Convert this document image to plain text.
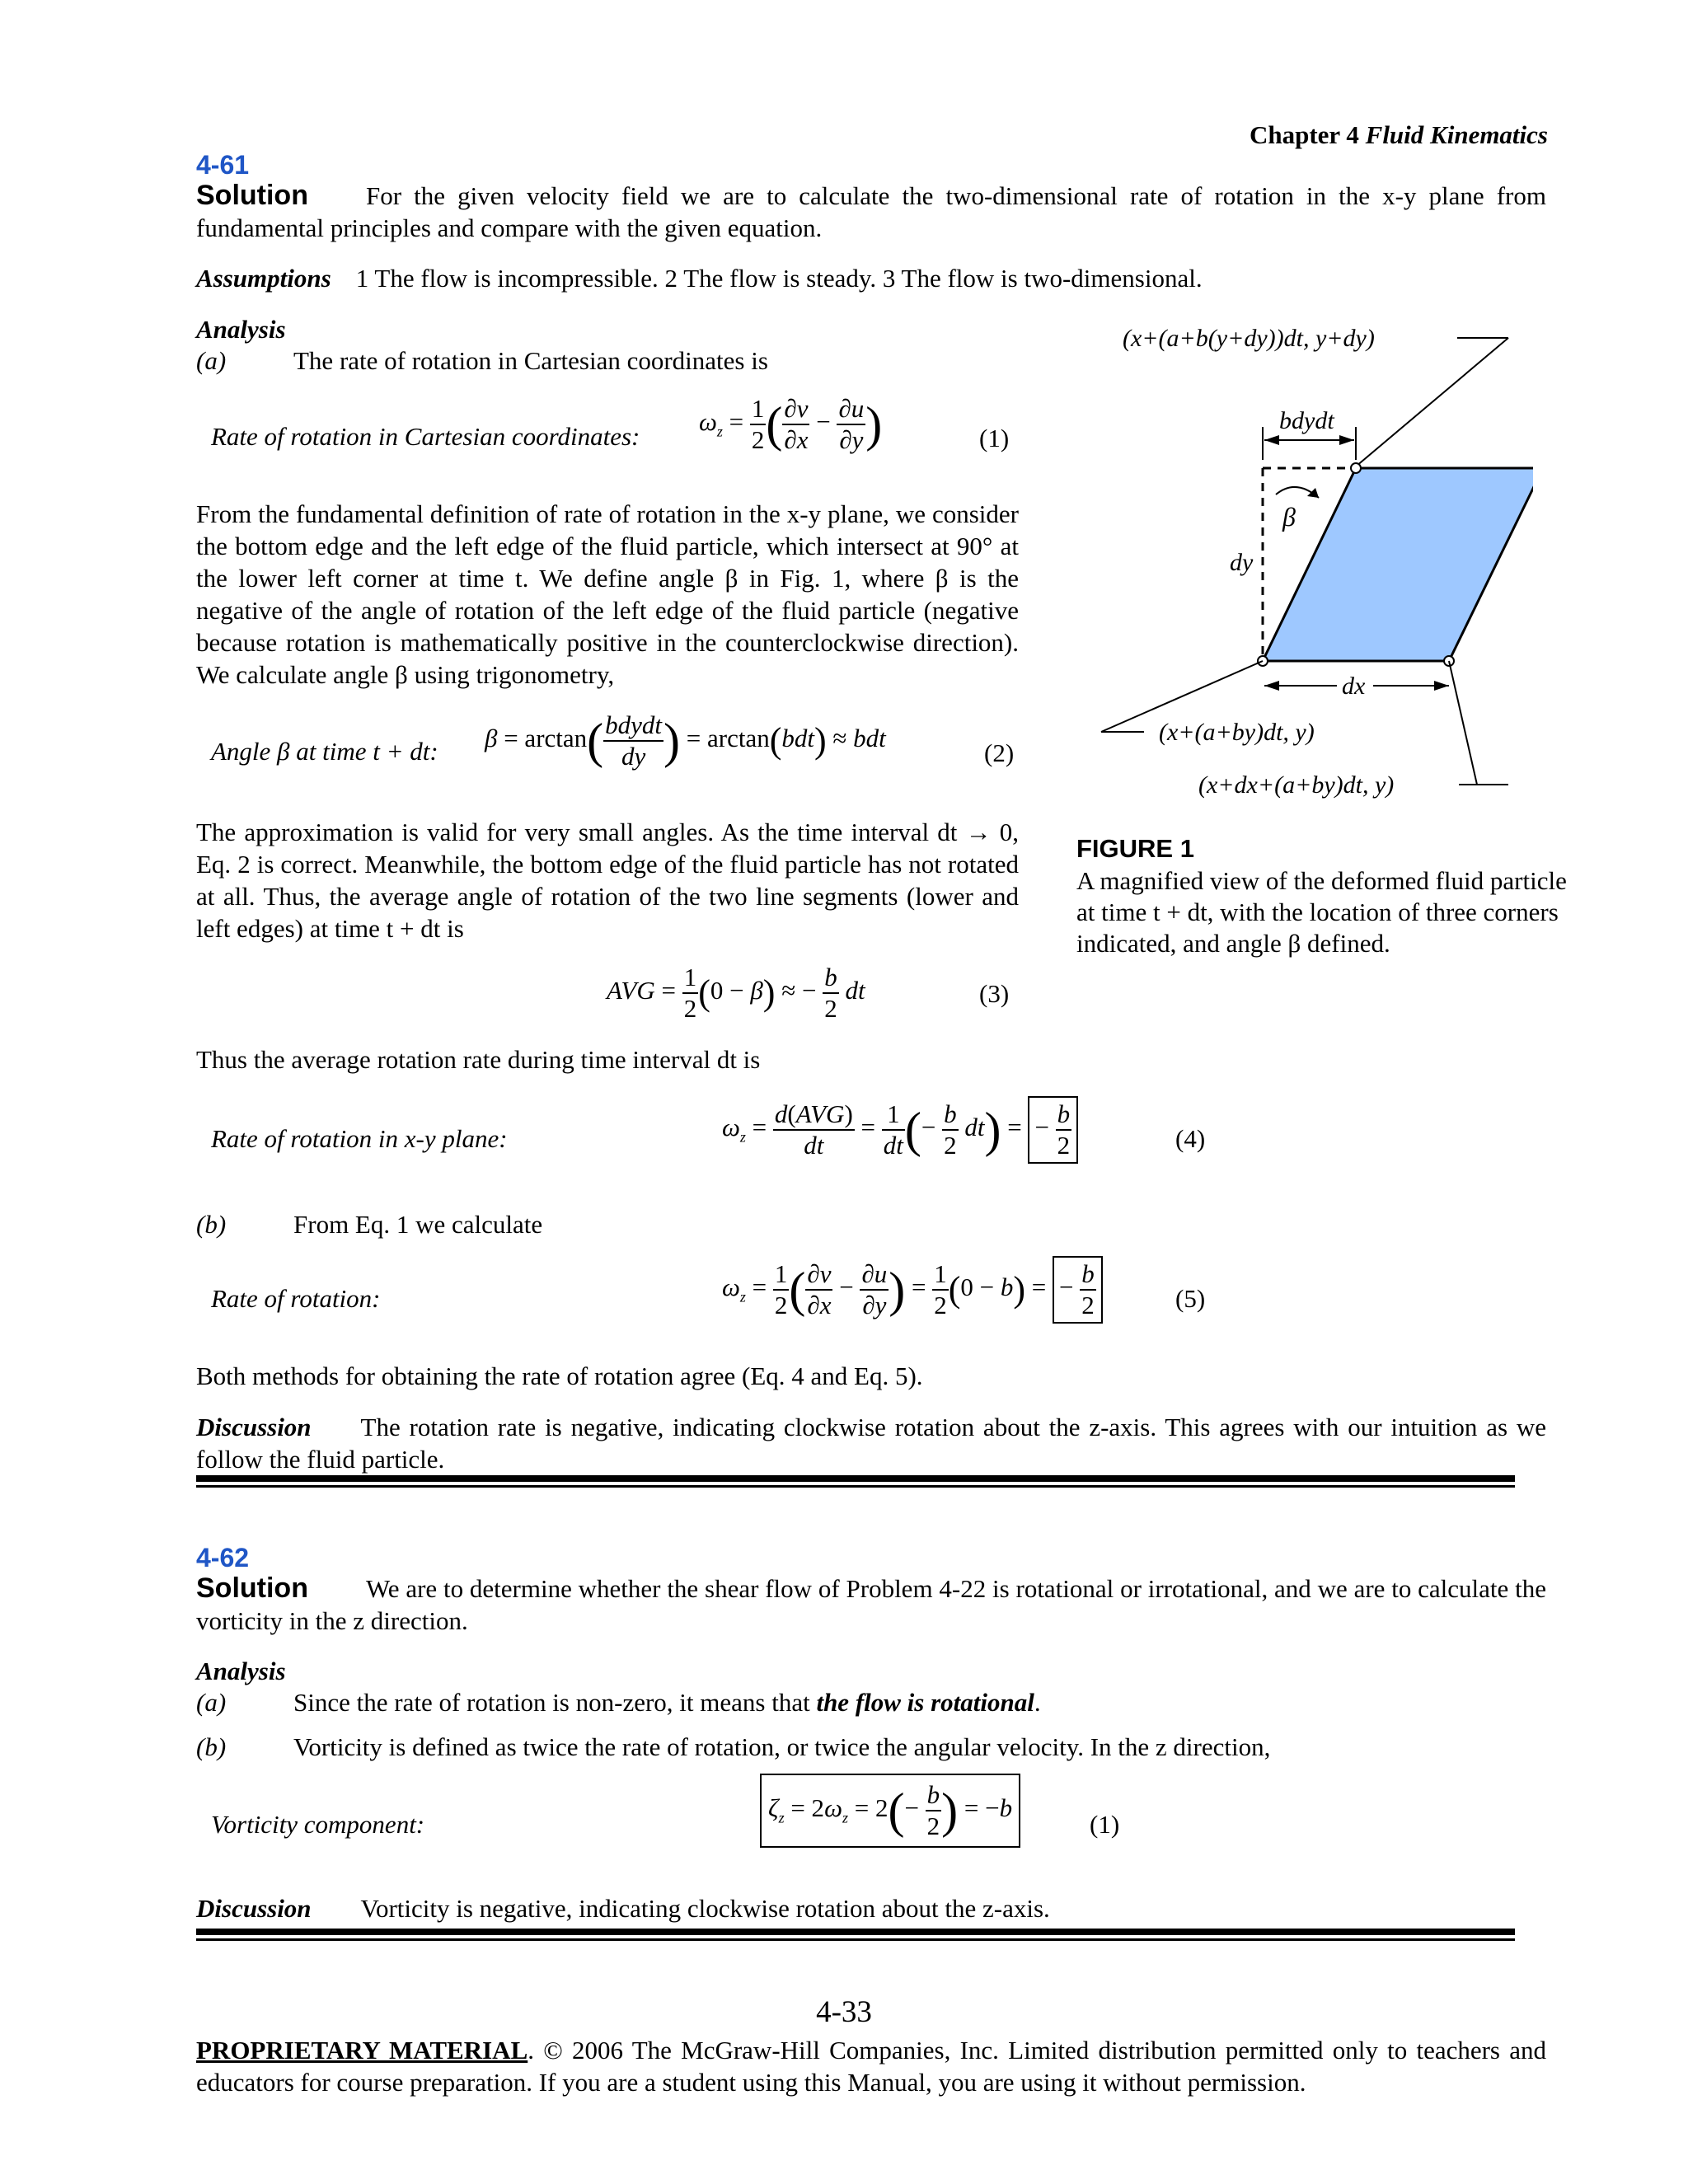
Chapter 4 Fluid Kinematics
4-61
Solution For the given velocity field we are to calculate the two-dimensional rate of rotation in the x-y plane from fundamental principles and compare with the given equation.
Assumptions 1 The flow is incompressible. 2 The flow is steady. 3 The flow is two-dimensional.
Analysis
(a)	The rate of rotation in Cartesian coordinates is
Rate of rotation in Cartesian coordinates:
$\omega_z = \frac{1}{2}$ ( $\frac{\partial v}{\partial x} - \frac{\partial u}{\partial y}$ )	(1)
From the fundamental definition of rate of rotation in the x-y plane, we consider the bottom edge and the left edge of the fluid particle, which intersect at 90° at the lower left corner at time t. We define angle β in Fig. 1, where β is the negative of the angle of rotation of the left edge of the fluid particle (negative because rotation is mathematically positive in the counterclockwise direction). We calculate angle β using trigonometry,
Angle β at time t + dt: $\beta = \arctan( \frac{\text{bdydt}}{dy}$ ) = arctan(bdt) ≈ bdt
(2)
The approximation is valid for very small angles. As the time interval dt → 0, Eq. 2 is correct. Meanwhile, the bottom edge of the fluid particle has not rotated at all. Thus, the average angle of rotation of the two line segments (lower and left edges) at time t + dt is
AVG = $\frac{1}{2} (0 - \beta)$ ≈ − $\frac{b}{2}$ dt	(3)
Thus the average rotation rate during time interval dt is
Rate of rotation in x-y plane:	$\omega_z = \frac{\text{d(AVG)}}{dt} = \frac{1}{dt}$ (− $\frac{b}{2} dt$) = − $\frac{b}{2}$	(4)
(b)	From Eq. 1 we calculate
Rate of rotation:	$\omega_z = \frac{1}{2}$ ( $\frac{\partial v}{\partial x} - \frac{\partial u}{\partial y}$ ) = $\frac{1}{2} (0 - b)$ = − $\frac{b}{2}$	(5)
Both methods for obtaining the rate of rotation agree (Eq. 4 and Eq. 5).
Discussion The rotation rate is negative, indicating clockwise rotation about the z-axis. This agrees with our intuition as we follow the fluid particle.
(x+(a+b(y+dy))dt, y+dy)
bdydt
β
dy
dx
(x+(a+by)dt, y)
(x+dx+(a+by)dt, y)
FIGURE 1
A magnified view of the deformed fluid particle at time t + dt, with the location of three corners indicated, and angle β defined.
4-62
Solution We are to determine whether the shear flow of Problem 4-22 is rotational or irrotational, and we are to calculate the vorticity in the z direction.
Analysis
(a)	Since the rate of rotation is non-zero, it means that the flow is rotational.
(b)	Vorticity is defined as twice the rate of rotation, or twice the angular velocity. In the z direction,
Vorticity component:
$\zeta_z = 2\omega_z = 2(- \frac{b}{2}$ ) = −b
(1)
Discussion Vorticity is negative, indicating clockwise rotation about the z-axis.
4-33
PROPRIETARY MATERIAL. © 2006 The McGraw-Hill Companies, Inc. Limited distribution permitted only to teachers and educators for course preparation. If you are a student using this Manual, you are using it without permission.
